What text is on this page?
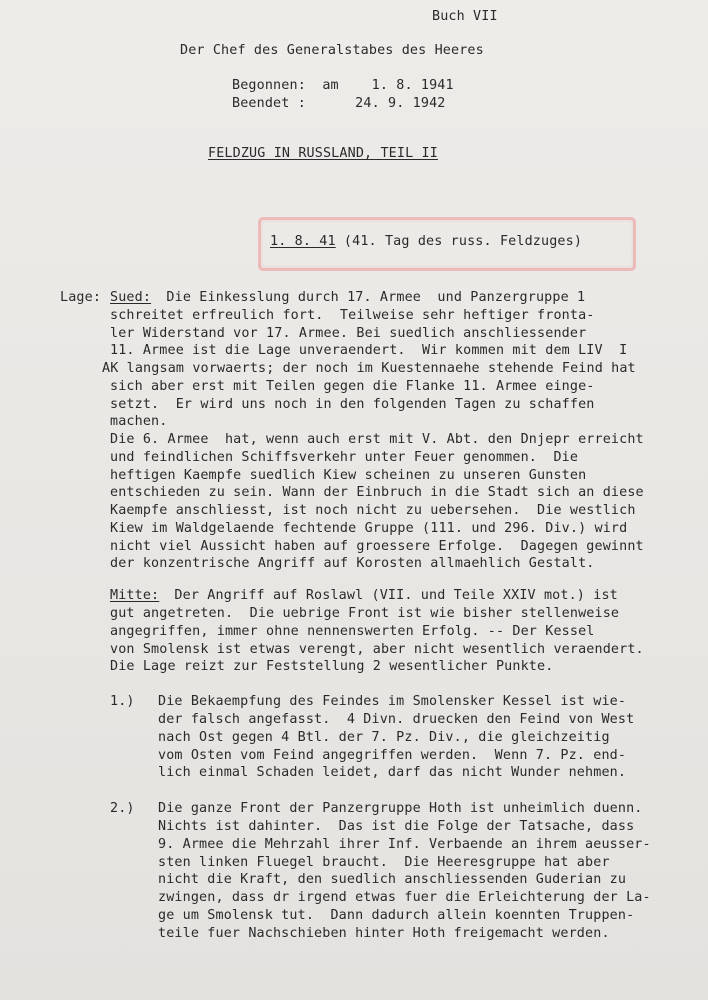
Buch VII
Der Chef des Generalstabes des Heeres
Begonnen:  am    1. 8. 1941
Beendet :      24. 9. 1942
FELDZUG IN RUSSLAND, TEIL II
1. 8. 41 (41. Tag des russ. Feldzuges)
Lage: Sued:
Die Einkesslung durch 17. Armee  und Panzergruppe 1
schreitet erfreulich fort.  Teilweise sehr heftiger fronta-
ler Widerstand vor 17. Armee. Bei suedlich anschliessender
11. Armee ist die Lage unveraendert.  Wir kommen mit dem LIV  I
AK langsam vorwaerts; der noch im Kuestennaehe stehende Feind hat
sich aber erst mit Teilen gegen die Flanke 11. Armee einge-
setzt.  Er wird uns noch in den folgenden Tagen zu schaffen
machen.
Die 6. Armee  hat, wenn auch erst mit V. Abt. den Dnjepr erreicht
und feindlichen Schiffsverkehr unter Feuer genommen.  Die
heftigen Kaempfe suedlich Kiew scheinen zu unseren Gunsten
entschieden zu sein. Wann der Einbruch in die Stadt sich an diese
Kaempfe anschliesst, ist noch nicht zu uebersehen.  Die westlich
Kiew im Waldgelaende fechtende Gruppe (111. und 296. Div.) wird
nicht viel Aussicht haben auf groessere Erfolge.  Dagegen gewinnt
der konzentrische Angriff auf Korosten allmaehlich Gestalt.
Mitte:
Der Angriff auf Roslawl (VII. und Teile XXIV mot.) ist
gut angetreten.  Die uebrige Front ist wie bisher stellenweise
angegriffen, immer ohne nennenswerten Erfolg. -- Der Kessel
von Smolensk ist etwas verengt, aber nicht wesentlich veraendert.
Die Lage reizt zur Feststellung 2 wesentlicher Punkte.
1.) Die Bekaempfung des Feindes im Smolensker Kessel ist wie-
der falsch angefasst.  4 Divn. druecken den Feind von West
nach Ost gegen 4 Btl. der 7. Pz. Div., die gleichzeitig
vom Osten vom Feind angegriffen werden.  Wenn 7. Pz. end-
lich einmal Schaden leidet, darf das nicht Wunder nehmen.
2.) Die ganze Front der Panzergruppe Hoth ist unheimlich duenn.
Nichts ist dahinter.  Das ist die Folge der Tatsache, dass
9. Armee die Mehrzahl ihrer Inf. Verbaende an ihrem aeusser-
sten linken Fluegel braucht.  Die Heeresgruppe hat aber
nicht die Kraft, den suedlich anschliessenden Guderian zu
zwingen, dass dr irgend etwas fuer die Erleichterung der La-
ge um Smolensk tut.  Dann dadurch allein koennten Truppen-
teile fuer Nachschieben hinter Hoth freigemacht werden.
